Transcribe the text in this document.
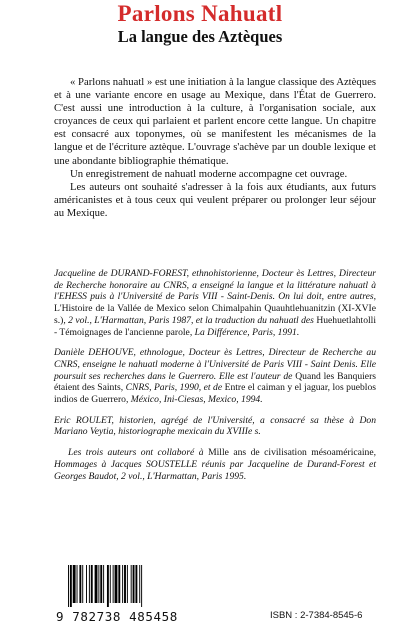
Parlons Nahuatl
La langue des Aztèques

« Parlons nahuatl » est une initiation à la langue classique des Aztèques et à une variante encore en usage au Mexique, dans l'État de Guerrero. C'est aussi une introduction à la culture, à l'organisation sociale, aux croyances de ceux qui parlaient et parlent encore cette langue. Un chapitre est consacré aux toponymes, où se manifestent les mécanismes de la langue et de l'écriture aztèque. L'ouvrage s'achève par un double lexique et une abondante bibliographie thématique.

Un enregistrement de nahuatl moderne accompagne cet ouvrage.

Les auteurs ont souhaité s'adresser à la fois aux étudiants, aux futurs américanistes et à tous ceux qui veulent préparer ou prolonger leur séjour au Mexique.

Jacqueline de DURAND-FOREST, ethnohistorienne, Docteur ès Lettres, Directeur de Recherche honoraire au CNRS, a enseigné la langue et la littérature nahuatl à l'EHESS puis à l'Université de Paris VIII - Saint-Denis. On lui doit, entre autres, L'Histoire de la Vallée de Mexico selon Chimalpahin Quauhtlehuanitzin (XI-XVIe s.), 2 vol., L'Harmattan, Paris 1987, et la traduction du nahuatl des Huehuetlahtolli - Témoignages de l'ancienne parole, La Différence, Paris, 1991.

Danièle DEHOUVE, ethnologue, Docteur ès Lettres, Directeur de Recherche au CNRS, enseigne le nahuatl moderne à l'Université de Paris VIII - Saint Denis. Elle poursuit ses recherches dans le Guerrero. Elle est l'auteur de Quand les Banquiers étaient des Saints, CNRS, Paris, 1990, et de Entre el caiman y el jaguar, los pueblos indios de Guerrero, México, Ini-Ciesas, Mexico, 1994.

Eric ROULET, historien, agrégé de l'Université, a consacré sa thèse à Don Mariano Veytia, historiographe mexicain du XVIIIe s.

Les trois auteurs ont collaboré à Mille ans de civilisation mésoaméricaine, Hommages à Jacques SOUSTELLE réunis par Jacqueline de Durand-Forest et Georges Baudot, 2 vol., L'Harmattan, Paris 1995.

9 782738 485458	ISBN : 2-7384-8545-6
